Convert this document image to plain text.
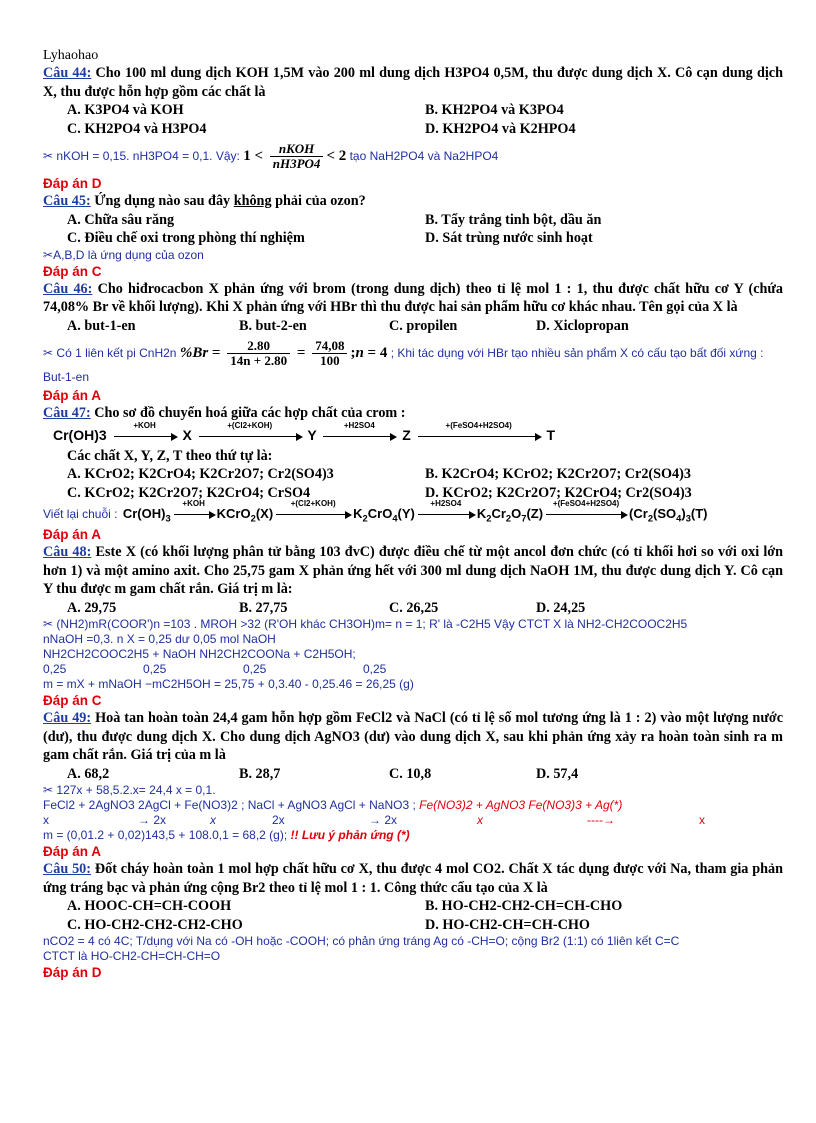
Lyhaohao
Câu 44: Cho 100 ml dung dịch KOH 1,5M vào 200 ml dung dịch H3PO4 0,5M, thu được dung dịch X. Cô cạn dung dịch X, thu được hỗn hợp gồm các chất là
A. K3PO4 và KOH	B. KH2PO4 và K3PO4
C. KH2PO4 và H3PO4	D. KH2PO4 và K2HPO4
✂ nKOH = 0,15. nH3PO4 = 0,1. Vậy: $1 < \frac{\text{nKOH}}{nH3PO4} < 2$ tạo NaH2PO4 và Na2HPO4
Đáp án D
Câu 45: Ứng dụng nào sau đây không phải của ozon?
A. Chữa sâu răng	B. Tẩy trắng tinh bột, dầu ăn
C. Điều chế oxi trong phòng thí nghiệm	D. Sát trùng nước sinh hoạt
✂A,B,D là ứng dụng của ozon
Đáp án C
Câu 46: Cho hiđrocacbon X phản ứng với brom (trong dung dịch) theo tỉ lệ mol 1 : 1, thu được chất hữu cơ Y (chứa 74,08% Br về khối lượng). Khi X phản ứng với HBr thì thu được hai sản phẩm hữu cơ khác nhau. Tên gọi của X là
A. but-1-en	B. but-2-en	C. propilen	D. Xiclopropan
✂ Có 1 liên kết pi CnH2n $\%Br = \frac{2.80}{14n + 2.80} = \frac{74,08}{100}$ ;n = 4 ; Khi tác dụng với HBr tạo nhiều sản phẩm X có cấu tạo bất đối xứng : But-1-en
Đáp án A
Câu 47: Cho sơ đồ chuyển hoá giữa các hợp chất của crom :
Cr(OH)3
+KOH
X
+(Cl2+KOH)
Y
+H2SO4
Z
+(FeSO4+H2SO4)
T
Các chất X, Y, Z, T theo thứ tự là:
A. KCrO2; K2CrO4; K2Cr2O7; Cr2(SO4)3	B. K2CrO4; KCrO2; K2Cr2O7; Cr2(SO4)3
C. KCrO2; K2Cr2O7; K2CrO4; CrSO4	D. KCrO2; K2Cr2O7; K2CrO4; Cr2(SO4)3
Viết lại chuỗi : $Cr(OH)_3$
+KOH
KCrO$_2$(X)
+(Cl2+KOH)
$K_2CrO_4(Y)$
+H2SO4
$K_2Cr_2O_7(Z)$
+(FeSO4+H2SO4)
($Cr_2(SO_4)_3(T)$
Đáp án A
Câu 48: Este X (có khối lượng phân tử bằng 103 đvC) được điều chế từ một ancol đơn chức (có tỉ khối hơi so với oxi lớn hơn 1) và một amino axit. Cho 25,75 gam X phản ứng hết với 300 ml dung dịch NaOH 1M, thu được dung dịch Y. Cô cạn Y thu được m gam chất rắn. Giá trị m là:
A. 29,75	B. 27,75	C. 26,25	D. 24,25
✂ (NH2)mR(COOR')n =103 . MROH >32 (R'OH khác CH3OH)m= n = 1; R' là -C2H5 Vậy CTCT X là NH2-CH2COOC2H5
nNaOH =0,3. n X = 0,25 dư 0,05 mol NaOH
NH2CH2COOC2H5 + NaOH NH2CH2COONa + C2H5OH;
0,25	0,25	0,25	0,25
m = mX + mNaOH −mC2H5OH = 25,75 + 0,3.40 - 0,25.46 = 26,25 (g)
Đáp án C
Câu 49: Hoà tan hoàn toàn 24,4 gam hỗn hợp gồm FeCl2 và NaCl (có tỉ lệ số mol tương ứng là 1 : 2) vào một lượng nước (dư), thu được dung dịch X. Cho dung dịch AgNO3 (dư) vào dung dịch X, sau khi phản ứng xảy ra hoàn toàn sinh ra m gam chất rắn. Giá trị của m là
A. 68,2	B. 28,7	C. 10,8	D. 57,4
✂ 127x + 58,5.2.x= 24,4 x = 0,1.
FeCl2 + 2AgNO3 2AgCl + Fe(NO3)2 ; NaCl + AgNO3 AgCl + NaNO3 ; Fe(NO3)2 + AgNO3 Fe(NO3)3 + Ag(*)
x	→ 2x	x	2x	→ 2x	x	----→	x
m = (0,01.2 + 0,02)143,5 + 108.0,1 = 68,2 (g); !! Lưu ý phản ứng (*)
Đáp án A
Câu 50: Đốt cháy hoàn toàn 1 mol hợp chất hữu cơ X, thu được 4 mol CO2. Chất X tác dụng được với Na, tham gia phản ứng tráng bạc và phản ứng cộng Br2 theo tỉ lệ mol 1 : 1. Công thức cấu tạo của X là
A. HOOC-CH=CH-COOH	B. HO-CH2-CH2-CH=CH-CHO
C. HO-CH2-CH2-CH2-CHO	D. HO-CH2-CH=CH-CHO
nCO2 = 4 có 4C; T/dụng với Na có -OH hoặc -COOH; có phản ứng tráng Ag có -CH=O; cộng Br2 (1:1) có 1liên kết C=C
CTCT là HO-CH2-CH=CH-CH=O
Đáp án D
